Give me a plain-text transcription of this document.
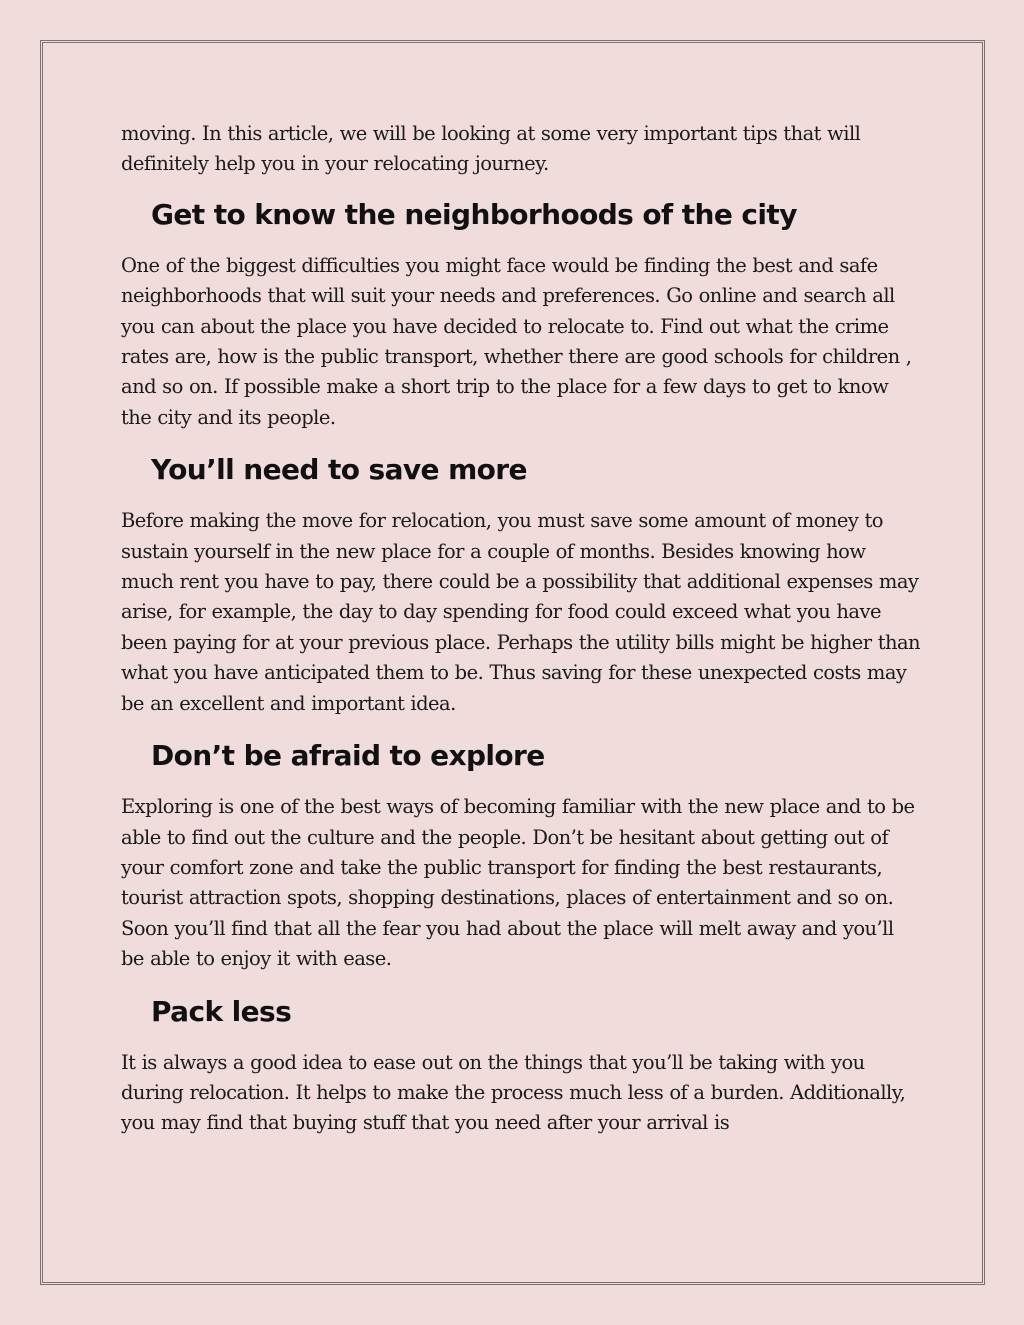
moving. In this article, we will be looking at some very important tips that will definitely help you in your relocating journey.

Get to know the neighborhoods of the city

One of the biggest difficulties you might face would be finding the best and safe neighborhoods that will suit your needs and preferences. Go online and search all you can about the place you have decided to relocate to. Find out what the crime rates are, how is the public transport, whether there are good schools for children , and so on. If possible make a short trip to the place for a few days to get to know the city and its people.

You’ll need to save more

Before making the move for relocation, you must save some amount of money to sustain yourself in the new place for a couple of months. Besides knowing how much rent you have to pay, there could be a possibility that additional expenses may arise, for example, the day to day spending for food could exceed what you have been paying for at your previous place. Perhaps the utility bills might be higher than what you have anticipated them to be. Thus saving for these unexpected costs may be an excellent and important idea.

Don’t be afraid to explore

Exploring is one of the best ways of becoming familiar with the new place and to be able to find out the culture and the people. Don’t be hesitant about getting out of your comfort zone and take the public transport for finding the best restaurants, tourist attraction spots, shopping destinations, places of entertainment and so on. Soon you’ll find that all the fear you had about the place will melt away and you’ll be able to enjoy it with ease.

Pack less

It is always a good idea to ease out on the things that you’ll be taking with you during relocation. It helps to make the process much less of a burden. Additionally, you may find that buying stuff that you need after your arrival is
